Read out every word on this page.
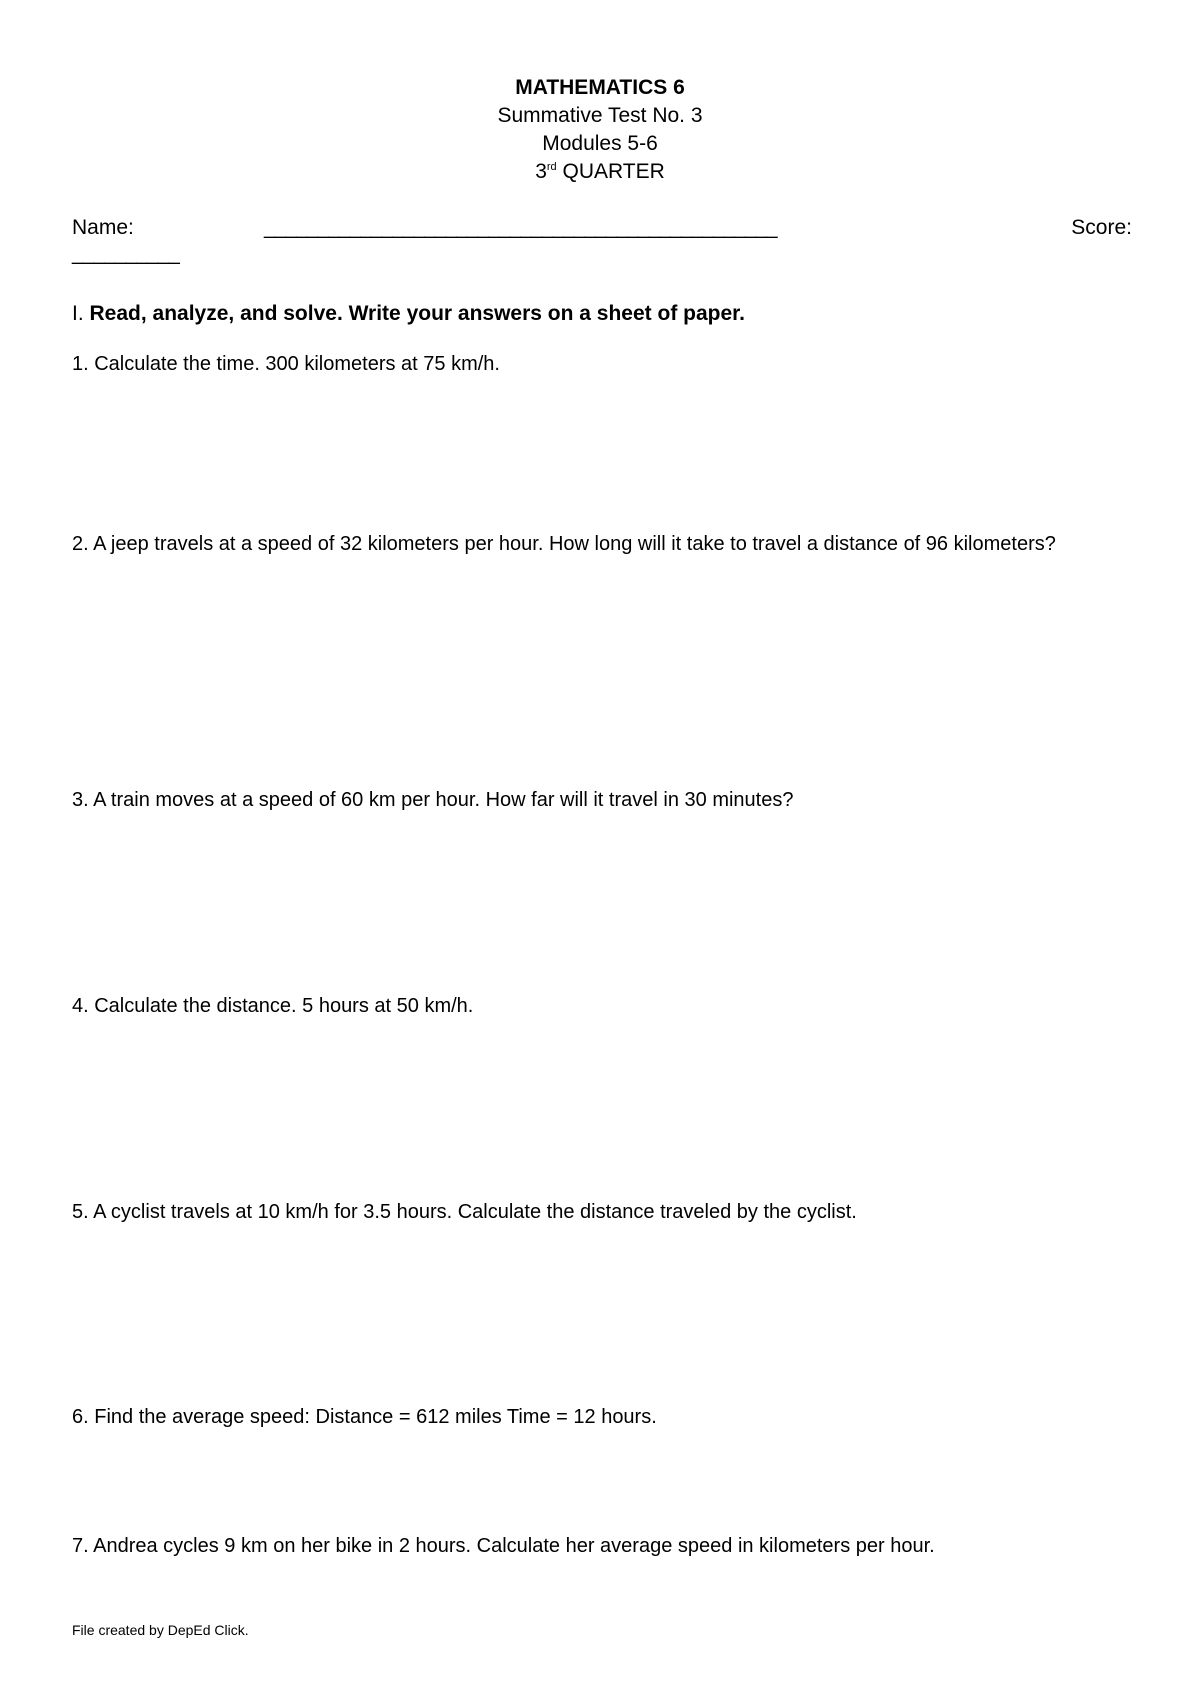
MATHEMATICS 6
Summative Test No. 3
Modules 5-6
3rd QUARTER
Name:	________________________________________________	Score:
__________
I. Read, analyze, and solve. Write your answers on a sheet of paper.
1. Calculate the time. 300 kilometers at 75 km/h.
2. A jeep travels at a speed of 32 kilometers per hour. How long will it take to travel a distance of 96 kilometers?
3. A train moves at a speed of 60 km per hour. How far will it travel in 30 minutes?
4. Calculate the distance. 5 hours at 50 km/h.
5. A cyclist travels at 10 km/h for 3.5 hours. Calculate the distance traveled by the cyclist.
6. Find the average speed: Distance = 612 miles Time = 12 hours.
7. Andrea cycles 9 km on her bike in 2 hours. Calculate her average speed in kilometers per hour.
File created by DepEd Click.
